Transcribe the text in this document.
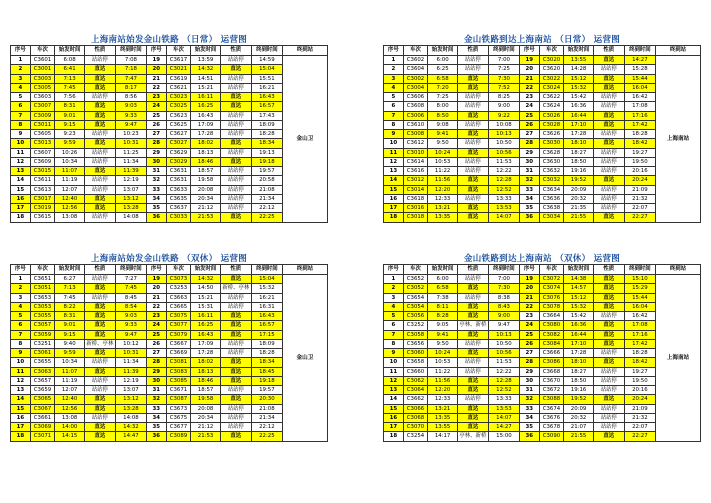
上海南站始发金山铁路 （日常） 运营图
序号	车次	始发时间	性质	终到时间	序号	车次	始发时间	性质	终到时间	终到站
1	C3601	6:08	站站停	7:08	19	C3617	13:59	站站停	14:59	金山卫
2	C3001	6:41	直达	7:18	20	C3021	14:32	直达	15:04	
3	C3003	7:13	直达	7:47	21	C3619	14:51	站站停	15:51	
4	C3005	7:45	直达	8:17	22	C3621	15:21	站站停	16:21	
5	C3603	7:56	站站停	8:56	23	C3023	16:11	直达	16:43	
6	C3007	8:31	直达	9:03	24	C3025	16:25	直达	16:57	
7	C3009	9:01	直达	9:33	25	C3623	16:43	站站停	17:43	
8	C3011	9:15	直达	9:47	26	C3625	17:09	站站停	18:09	
9	C3605	9:23	站站停	10:23	27	C3627	17:28	站站停	18:28	
10	C3013	9:59	直达	10:31	28	C3027	18:02	直达	18:34	
11	C3607	10:26	站站停	11:25	29	C3629	18:13	站站停	19:13	
12	C3609	10:34	站站停	11:34	30	C3029	18:46	直达	19:18	
13	C3015	11:07	直达	11:39	31	C3631	18:57	站站停	19:57	
14	C3611	11:19	站站停	12:19	32	C3631	19:58	站站停	20:58	
15	C3613	12:07	站站停	13:07	33	C3633	20:08	站站停	21:08	
16	C3017	12:40	直达	13:12	34	C3635	20:34	站站停	21:34	
17	C3019	12:56	直达	13:28	35	C3637	21:12	站站停	22:12	
18	C3615	13:08	站站停	14:08	36	C3033	21:53	直达	22:25	
金山铁路到达上海南站 （日常） 运营图
序号	车次	始发时间	性质	终到时间	序号	车次	始发时间	性质	终到时间	终到站
1	C3602	6:00	站站停	7:00	19	C3020	13:55	直达	14:27	上海南站
2	C3604	6:25	站站停	7:25	20	C3620	14:28	站站停	15:28	
3	C3002	6:58	直达	7:30	21	C3022	15:12	直达	15:44	
4	C3004	7:20	直达	7:52	22	C3024	15:32	直达	16:04	
5	C3606	7:25	站站停	8:25	23	C3622	15:42	站站停	16:42	
6	C3608	8:00	站站停	9:00	24	C3624	16:36	站站停	17:08	
7	C3006	8:50	直达	9:22	25	C3026	16:44	直达	17:16	
8	C3610	9:08	站站停	10:08	26	C3028	17:10	直达	17:42	
9	C3008	9:41	直达	10:13	27	C3626	17:28	站站停	18:28	
10	C3612	9:50	站站停	10:50	28	C3030	18:10	直达	18:42	
11	C3010	10:24	直达	10:56	29	C3628	18:27	站站停	19:27	
12	C3614	10:53	站站停	11:53	30	C3630	18:50	站站停	19:50	
13	C3616	11:22	站站停	12:22	31	C3632	19:16	站站停	20:16	
14	C3012	11:56	直达	12:28	32	C3032	19:52	直达	20:24	
15	C3014	12:20	直达	12:52	33	C3634	20:09	站站停	21:09	
16	C3618	12:33	站站停	13:33	34	C3636	20:32	站站停	21:32	
17	C3016	13:21	直达	13:53	35	C3638	21:35	站站停	22:07	
18	C3018	13:35	直达	14:07	36	C3034	21:55	直达	22:27	
上海南站始发金山铁路 （双休） 运营图
序号	车次	始发时间	性质	终到时间	序号	车次	始发时间	性质	终到时间	终到站
1	C3651	6:27	站站停	7:27	19	C3073	14:32	直达	15:04	金山卫
2	C3051	7:13	直达	7:45	20	C3253	14:50	新桥、亭林	15:32	
3	C3653	7:45	站站停	8:45	21	C3663	15:21	站站停	16:21	
4	C3053	8:22	直达	8:54	22	C3665	15:31	站站停	16:31	
5	C3055	8:31	直达	9:03	23	C3075	16:11	直达	16:43	
6	C3057	9:01	直达	9:33	24	C3077	16:25	直达	16:57	
7	C3059	9:15	直达	9:47	25	C3079	16:43	直达	17:15	
8	C3251	9:40	新桥、亭林	10:12	26	C3667	17:09	站站停	18:09	
9	C3061	9:59	直达	10:31	27	C3669	17:28	站站停	18:28	
10	C3655	10:34	站站停	11:34	28	C3081	18:02	直达	18:34	
11	C3063	11:07	直达	11:39	29	C3083	18:13	直达	18:45	
12	C3657	11:19	站站停	12:19	30	C3085	18:46	直达	19:18	
13	C3659	12:07	站站停	13:07	31	C3671	18:57	站站停	19:57	
14	C3065	12:40	直达	13:12	32	C3087	19:58	直达	20:30	
15	C3067	12:56	直达	13:28	33	C3673	20:08	站站停	21:08	
16	C3661	13:08	站站停	14:08	34	C3675	20:34	站站停	21:34	
17	C3069	14:00	直达	14:32	35	C3677	21:12	站站停	22:12	
18	C3071	14:15	直达	14:47	36	C3089	21:53	直达	22:25	
金山铁路到达上海南站 （双休） 运营图
序号	车次	始发时间	性质	终到时间	序号	车次	始发时间	性质	终到时间	终到站
1	C3652	6:00	站站停	7:00	19	C3072	14:38	直达	15:10	上海南站
2	C3052	6:58	直达	7:30	20	C3074	14:57	直达	15:29	
3	C3654	7:38	站站停	8:38	21	C3076	15:12	直达	15:44	
4	C3054	8:11	直达	8:43	22	C3078	15:32	直达	16:04	
5	C3056	8:28	直达	9:00	23	C3664	15:42	站站停	16:42	
6	C3252	9:05	亭林、新桥	9:47	24	C3080	16:36	直达	17:08	
7	C3058	9:41	直达	10:13	25	C3082	16:44	直达	17:16	
8	C3656	9:50	站站停	10:50	26	C3084	17:10	直达	17:42	
9	C3060	10:24	直达	10:56	27	C3666	17:28	站站停	18:28	
10	C3658	10:53	站站停	11:53	28	C3086	18:10	直达	18:42	
11	C3660	11:22	站站停	12:22	29	C3668	18:27	站站停	19:27	
12	C3062	11:56	直达	12:28	30	C3670	18:50	站站停	19:50	
13	C3064	12:20	直达	12:52	31	C3672	19:16	站站停	20:16	
14	C3662	12:33	站站停	13:33	32	C3088	19:52	直达	20:24	
15	C3066	13:21	直达	13:53	33	C3674	20:09	站站停	21:09	
16	C3068	13:35	直达	14:07	34	C3676	20:32	站站停	21:32	
17	C3070	13:55	直达	14:27	35	C3678	21:07	站站停	22:07	
18	C3254	14:17	亭林、新桥	15:00	36	C3090	21:55	直达	22:27	
